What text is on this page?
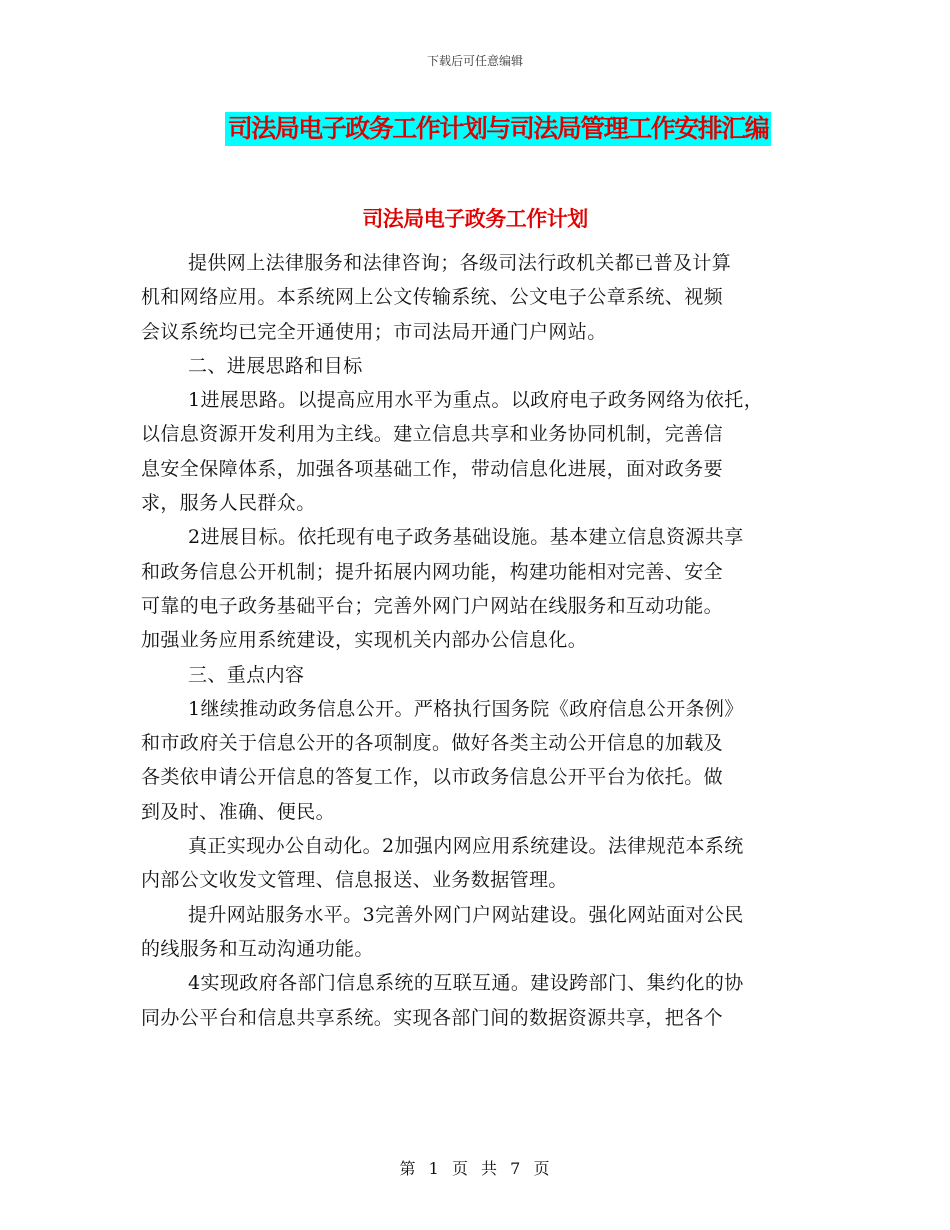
下载后可任意编辑
司法局电子政务工作计划与司法局管理工作安排汇编
司法局电子政务工作计划
提供网上法律服务和法律咨询；各级司法行政机关都已普及计算
机和网络应用。本系统网上公文传输系统、公文电子公章系统、视频
会议系统均已完全开通使用；市司法局开通门户网站。
二、进展思路和目标
1进展思路。以提高应用水平为重点。以政府电子政务网络为依托，
以信息资源开发利用为主线。建立信息共享和业务协同机制，完善信
息安全保障体系，加强各项基础工作，带动信息化进展，面对政务要
求，服务人民群众。
2进展目标。依托现有电子政务基础设施。基本建立信息资源共享
和政务信息公开机制；提升拓展内网功能，构建功能相对完善、安全
可靠的电子政务基础平台；完善外网门户网站在线服务和互动功能。
加强业务应用系统建设，实现机关内部办公信息化。
三、重点内容
1继续推动政务信息公开。严格执行国务院《政府信息公开条例》
和市政府关于信息公开的各项制度。做好各类主动公开信息的加载及
各类依申请公开信息的答复工作，以市政务信息公开平台为依托。做
到及时、准确、便民。
真正实现办公自动化。2加强内网应用系统建设。法律规范本系统
内部公文收发文管理、信息报送、业务数据管理。
提升网站服务水平。3完善外网门户网站建设。强化网站面对公民
的线服务和互动沟通功能。
4实现政府各部门信息系统的互联互通。建设跨部门、集约化的协
同办公平台和信息共享系统。实现各部门间的数据资源共享，把各个
第 1 页 共 7 页
